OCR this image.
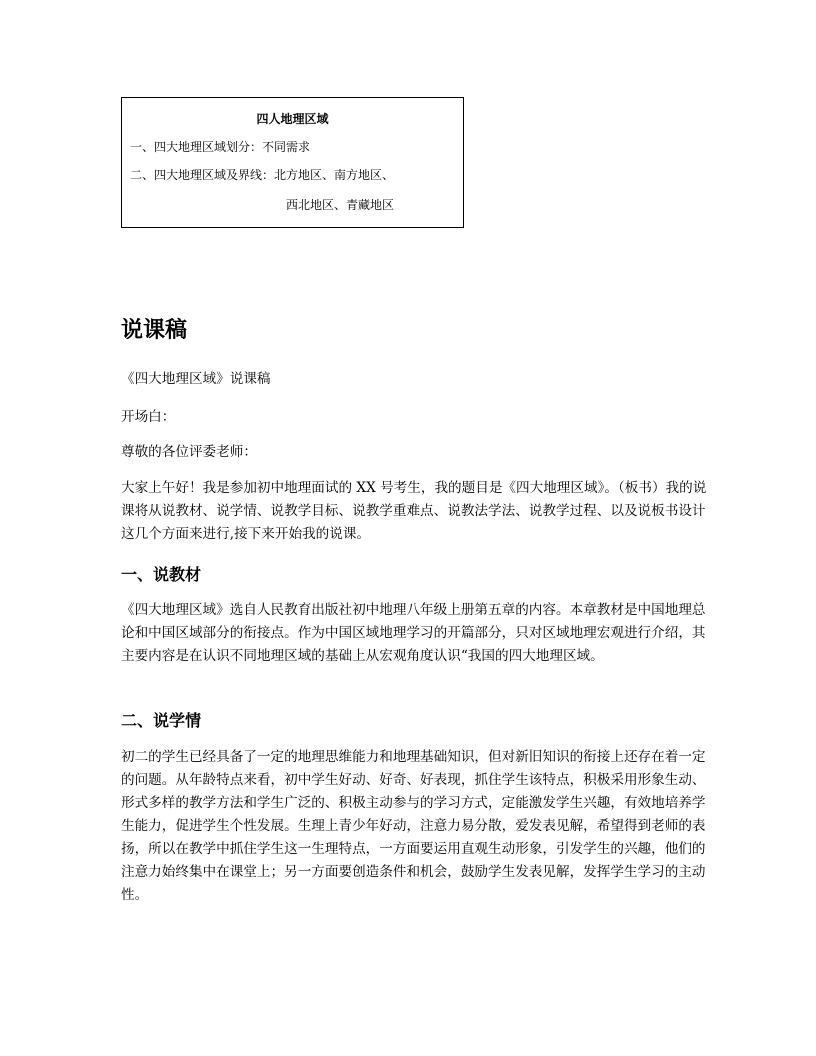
四人地理区域
一、四大地理区域划分：不同需求
二、四大地理区域及界线：北方地区、南方地区、
西北地区、青藏地区
说课稿

《四大地理区域》说课稿

开场白：

尊敬的各位评委老师：

大家上午好！我是参加初中地理面试的 XX 号考生，我的题目是《四大地理区域》。（板书）我的说课将从说教材、说学情、说教学目标、说教学重难点、说教法学法、说教学过程、以及说板书设计这几个方面来进行,接下来开始我的说课。

一、说教材

《四大地理区域》选自人民教育出版社初中地理八年级上册第五章的内容。本章教材是中国地理总论和中国区域部分的衔接点。作为中国区域地理学习的开篇部分，只对区域地理宏观进行介绍，其主要内容是在认识不同地理区域的基础上从宏观角度认识“我国的四大地理区域。

二、说学情

初二的学生已经具备了一定的地理思维能力和地理基础知识，但对新旧知识的衔接上还存在着一定的问题。从年龄特点来看，初中学生好动、好奇、好表现，抓住学生该特点，积极采用形象生动、形式多样的教学方法和学生广泛的、积极主动参与的学习方式，定能激发学生兴趣，有效地培养学生能力，促进学生个性发展。生理上青少年好动，注意力易分散，爱发表见解，希望得到老师的表扬，所以在教学中抓住学生这一生理特点，一方面要运用直观生动形象，引发学生的兴趣，他们的注意力始终集中在课堂上；另一方面要创造条件和机会，鼓励学生发表见解，发挥学生学习的主动性。
